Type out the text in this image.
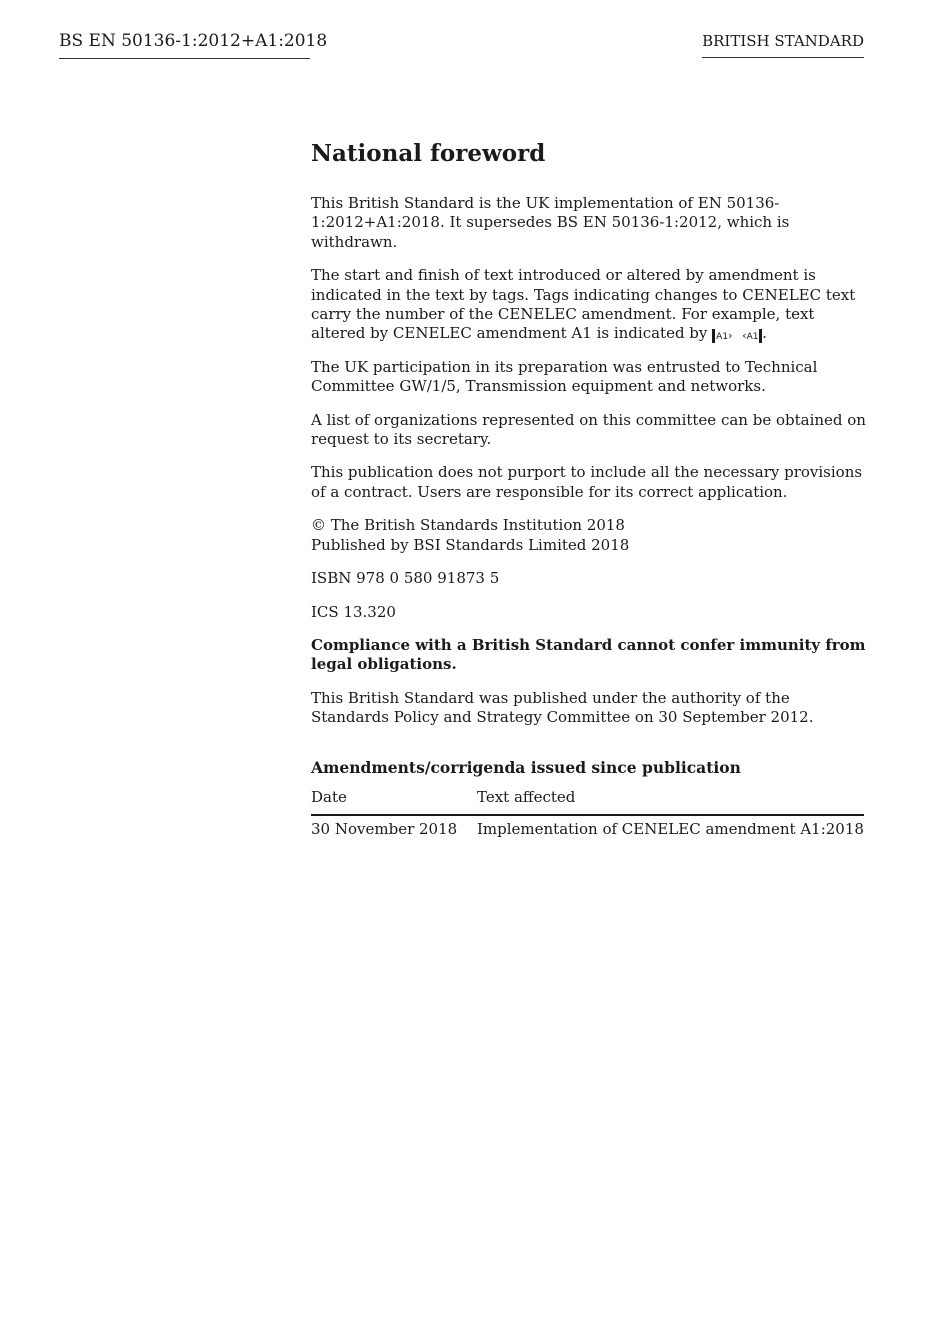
BS EN 50136-1:2012+A1:2018	BRITISH STANDARD
National foreword

This British Standard is the UK implementation of EN 50136-1:2012+A1:2018. It supersedes BS EN 50136-1:2012, which is withdrawn.

The start and finish of text introduced or altered by amendment is indicated in the text by tags. Tags indicating changes to CENELEC text carry the number of the CENELEC amendment. For example, text altered by CENELEC amendment A1 is indicated by A1› ‹A1 .

The UK participation in its preparation was entrusted to Technical Committee GW/1/5, Transmission equipment and networks.

A list of organizations represented on this committee can be obtained on request to its secretary.

This publication does not purport to include all the necessary provisions of a contract. Users are responsible for its correct application.

© The British Standards Institution 2018
Published by BSI Standards Limited 2018

ISBN 978 0 580 91873 5

ICS 13.320

Compliance with a British Standard cannot confer immunity from legal obligations.

This British Standard was published under the authority of the Standards Policy and Strategy Committee on 30 September 2012.

Amendments/corrigenda issued since publication
Date	Text affected
30 November 2018	Implementation of CENELEC amendment A1:2018
